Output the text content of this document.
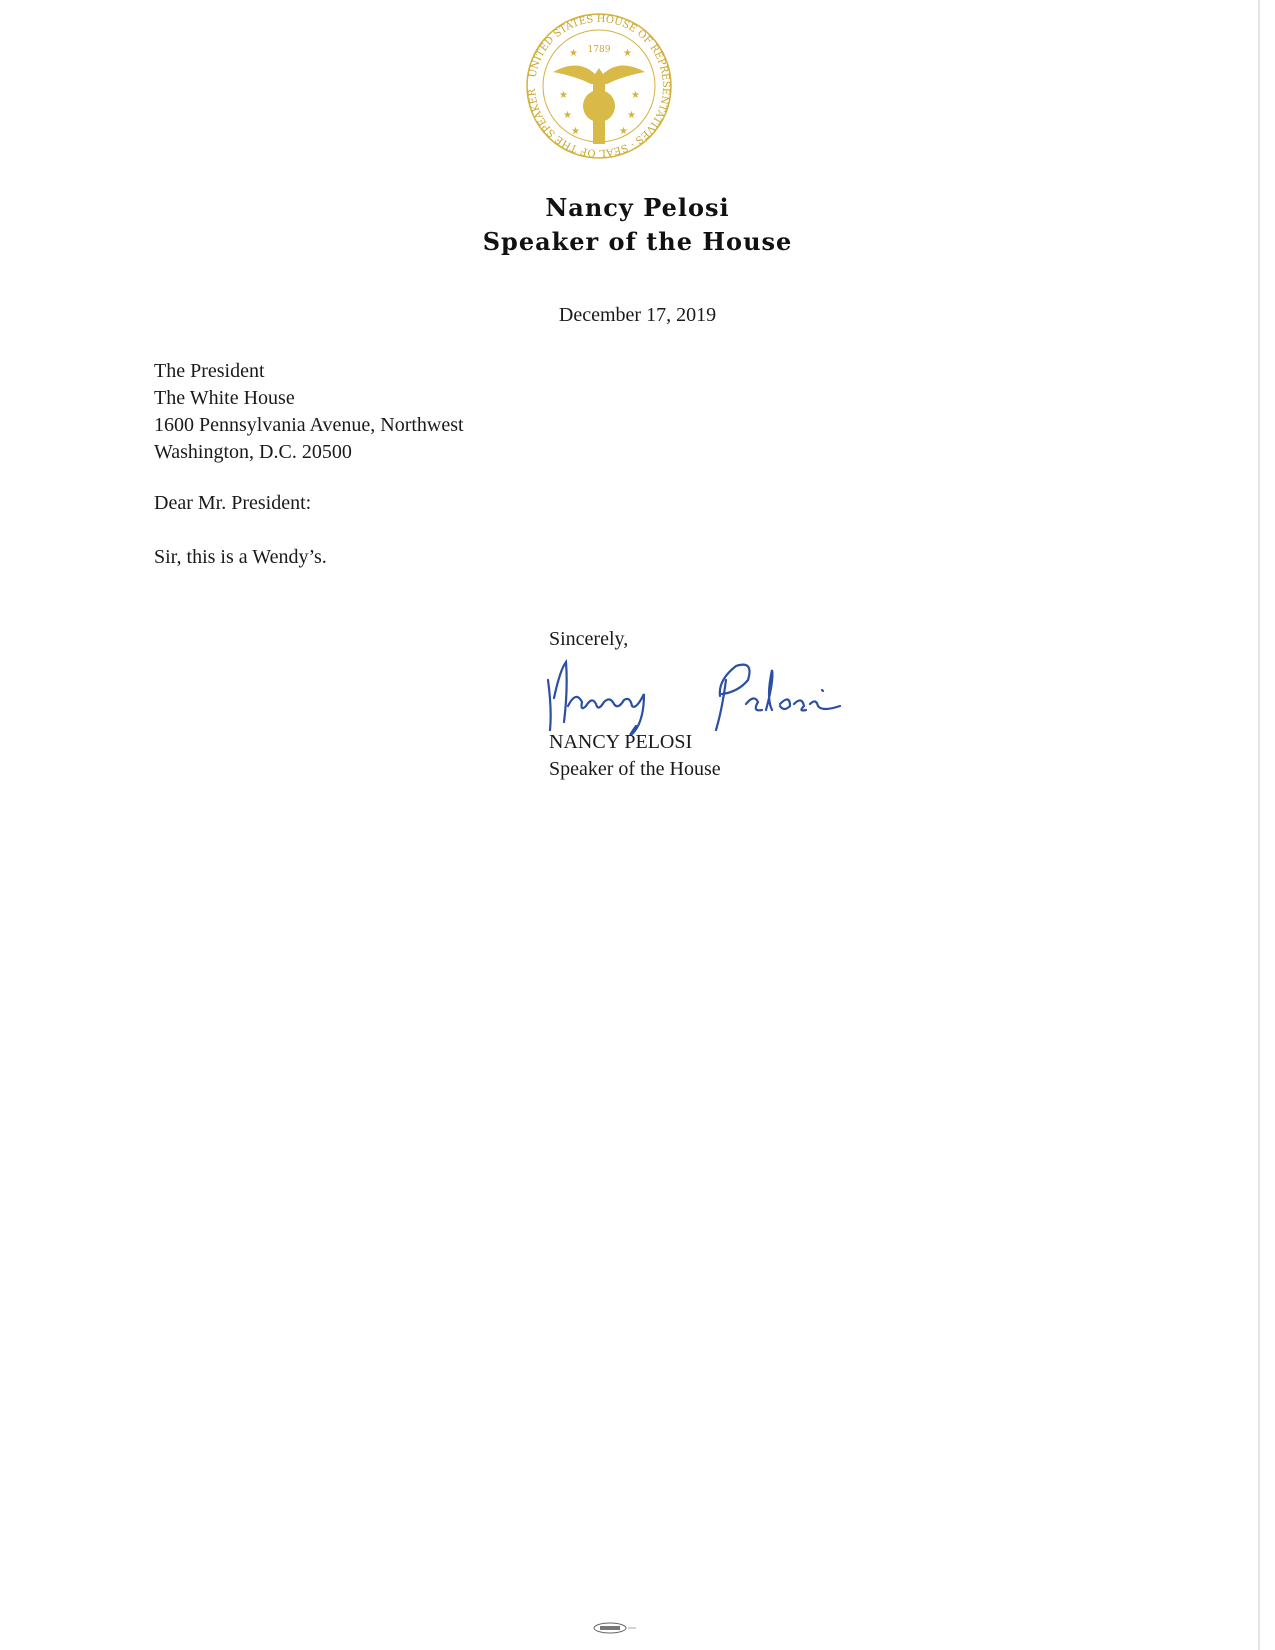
UNITED STATES HOUSE OF REPRESENTATIVES · SEAL OF THE SPEAKER
1789
★	★
★	★
★	★
★	★
Nancy Pelosi
Speaker of the House
December 17, 2019
The President
The White House
1600 Pennsylvania Avenue, Northwest
Washington, D.C. 20500
Dear Mr. President:
Sir, this is a Wendy’s.
Sincerely,
NANCY PELOSI
Speaker of the House
